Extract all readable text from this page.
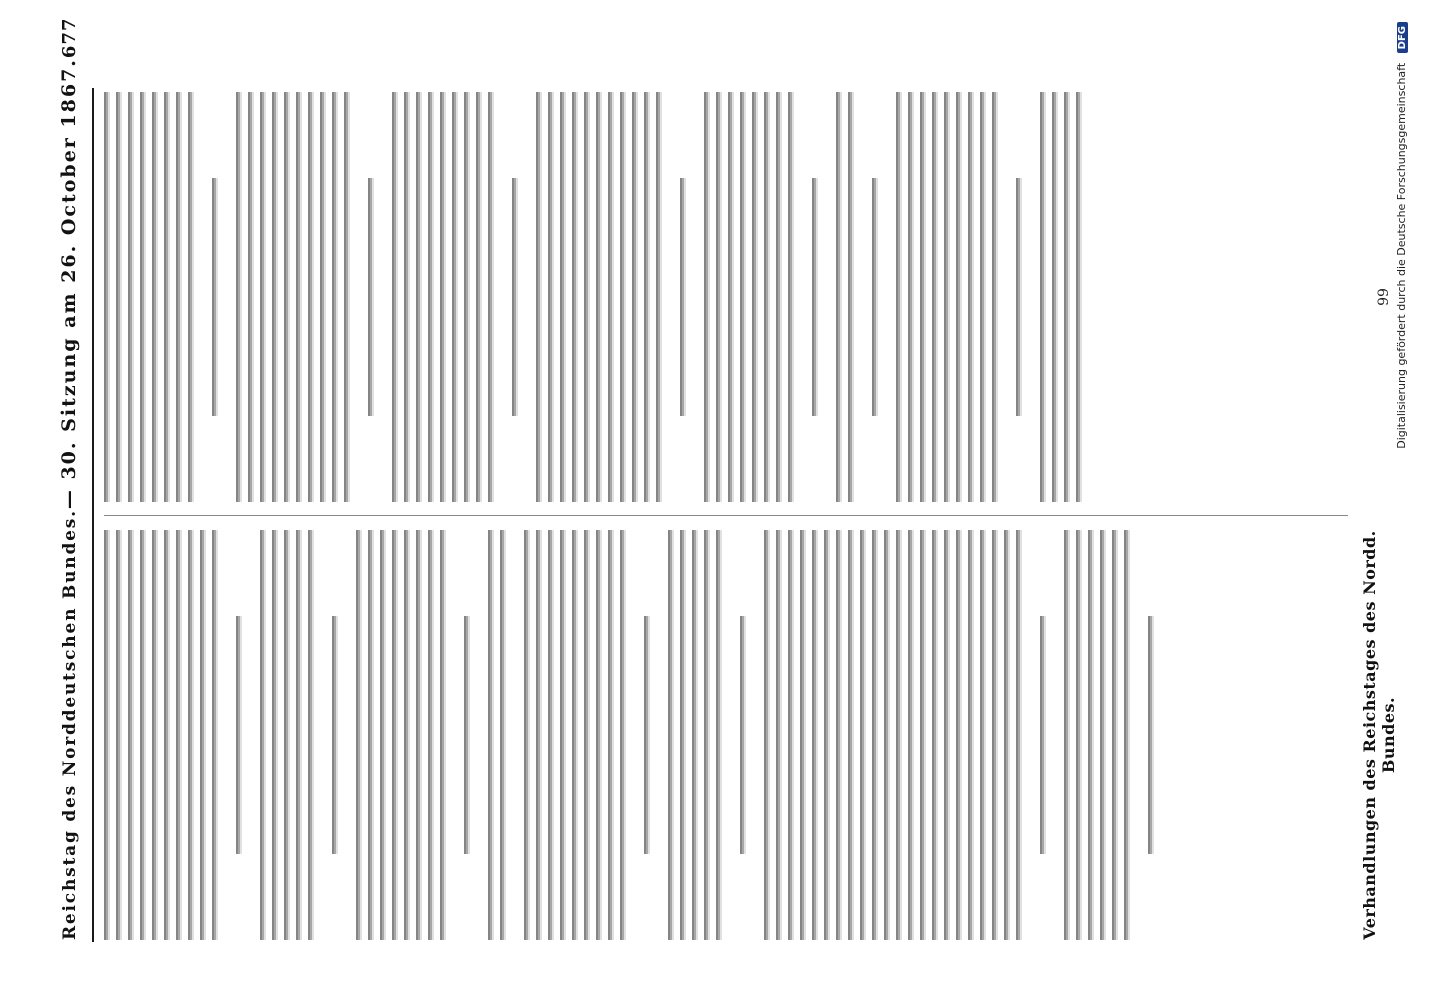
Reichstag des Norddeutschen Bundes.
— 30. Sitzung am 26. October 1867.
677
Verhandlungen des Reichstages des Nordd. Bundes.
99 Digitalisierung gefördert durch die Deutsche Forschungsgemeinschaft DFG
